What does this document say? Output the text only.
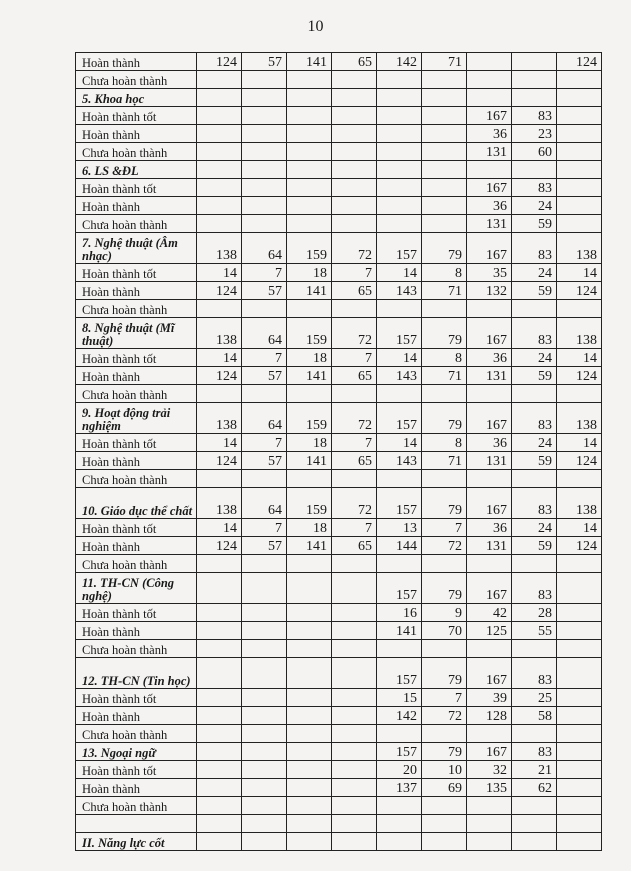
10
Hoàn thành	124	57	141	65	142	71			124
Chưa hoàn thành									
5. Khoa học									
Hoàn thành tốt							167	83	
Hoàn thành							36	23	
Chưa hoàn thành							131	60	
6. LS &ĐL									
Hoàn thành tốt							167	83	
Hoàn thành							36	24	
Chưa hoàn thành							131	59	
7. Nghệ thuật (Âm nhạc)	138	64	159	72	157	79	167	83	138
Hoàn thành tốt	14	7	18	7	14	8	35	24	14
Hoàn thành	124	57	141	65	143	71	132	59	124
Chưa hoàn thành									
8. Nghệ thuật (Mĩ thuật)	138	64	159	72	157	79	167	83	138
Hoàn thành tốt	14	7	18	7	14	8	36	24	14
Hoàn thành	124	57	141	65	143	71	131	59	124
Chưa hoàn thành									
9. Hoạt động trải nghiệm	138	64	159	72	157	79	167	83	138
Hoàn thành tốt	14	7	18	7	14	8	36	24	14
Hoàn thành	124	57	141	65	143	71	131	59	124
Chưa hoàn thành									
10. Giáo dục thể chất	138	64	159	72	157	79	167	83	138
Hoàn thành tốt	14	7	18	7	13	7	36	24	14
Hoàn thành	124	57	141	65	144	72	131	59	124
Chưa hoàn thành									
11. TH-CN (Công nghệ)					157	79	167	83	
Hoàn thành tốt					16	9	42	28	
Hoàn thành					141	70	125	55	
Chưa hoàn thành									
12. TH-CN (Tin học)					157	79	167	83	
Hoàn thành tốt					15	7	39	25	
Hoàn thành					142	72	128	58	
Chưa hoàn thành									
13. Ngoại ngữ					157	79	167	83	
Hoàn thành tốt					20	10	32	21	
Hoàn thành					137	69	135	62	
Chưa hoàn thành									

II. Năng lực cốt									
